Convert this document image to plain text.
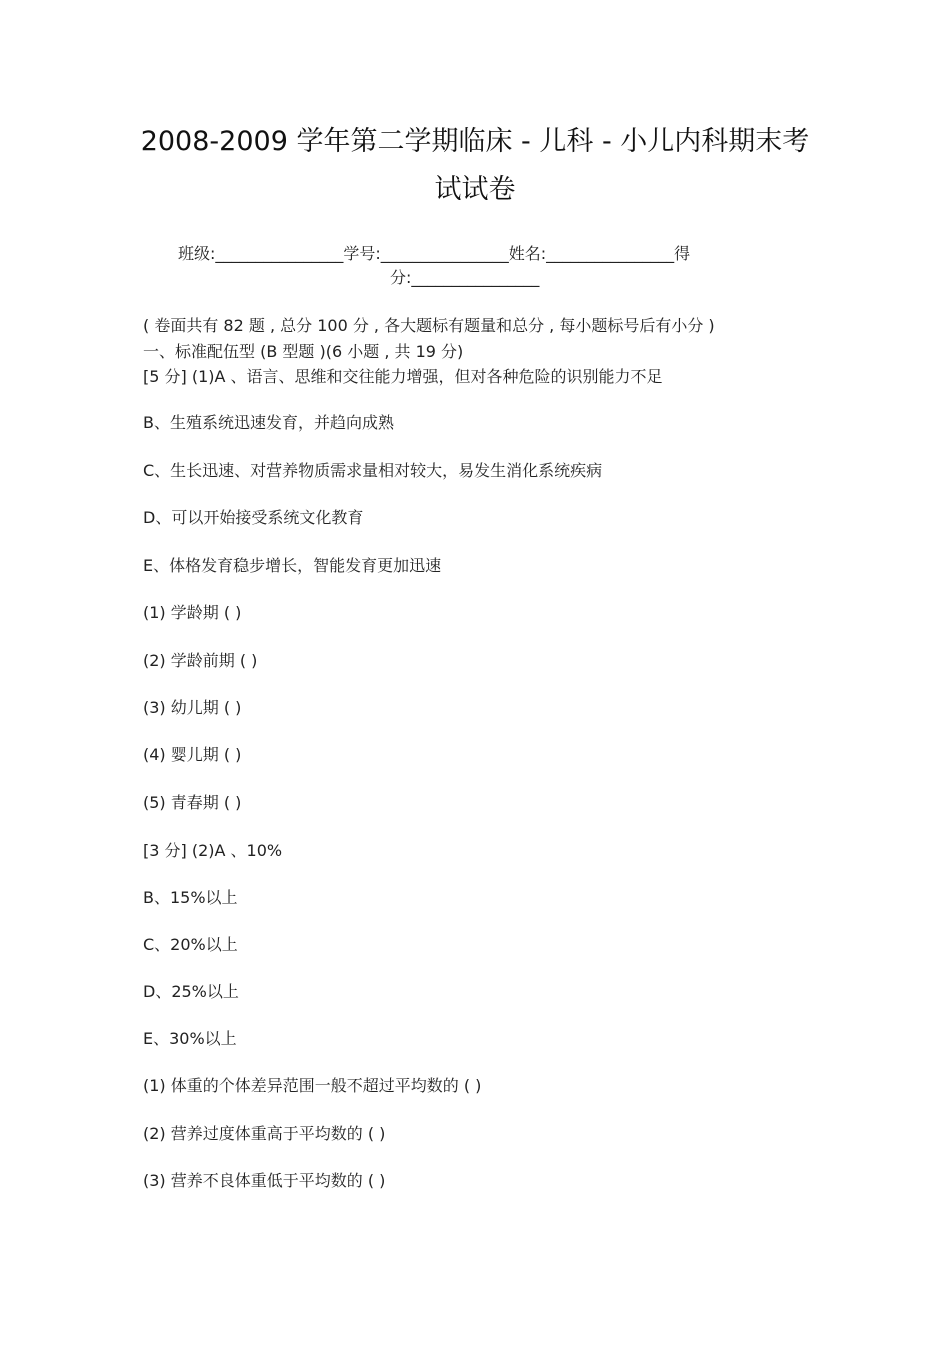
2008-2009 学年第二学期临床 - 儿科 - 小儿内科期末考
试试卷
班级:________________学号:________________姓名:________________得
分:________________
( 卷面共有 82 题 , 总分 100 分 , 各大题标有题量和总分 , 每小题标号后有小分 )
一、标准配伍型 (B 型题 )(6 小题 , 共 19 分)
[5 分] (1)A 、语言、思维和交往能力增强，但对各种危险的识别能力不足
B、生殖系统迅速发育，并趋向成熟
C、生长迅速、对营养物质需求量相对较大，易发生消化系统疾病
D、可以开始接受系统文化教育
E、体格发育稳步增长，智能发育更加迅速
(1) 学龄期 ( )
(2) 学龄前期 ( )
(3) 幼儿期 ( )
(4) 婴儿期 ( )
(5) 青春期 ( )
[3 分] (2)A 、10%
B、15%以上
C、20%以上
D、25%以上
E、30%以上
(1) 体重的个体差异范围一般不超过平均数的 ( )
(2) 营养过度体重高于平均数的 ( )
(3) 营养不良体重低于平均数的 ( )
